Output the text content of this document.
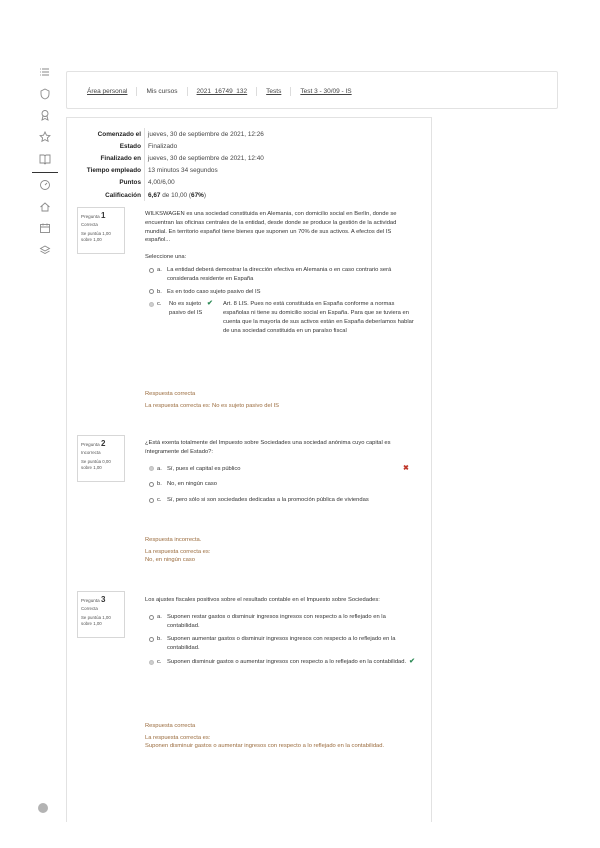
Área personal	Mis cursos	2021_16749_132	Tests	Test 3 - 30/09 - IS
Comenzado el	jueves, 30 de septiembre de 2021, 12:26
Estado	Finalizado
Finalizado en	jueves, 30 de septiembre de 2021, 12:40
Tiempo empleado	13 minutos 34 segundos
Puntos	4,00/6,00
Calificación	6,67 de 10,00 (67%)
Pregunta 1
Correcta
Se puntúa 1,00 sobre 1,00
WILKSWAGEN es una sociedad constituida en Alemania, con domicilio social en Berlín, donde se encuentran las oficinas centrales de la entidad, desde donde se produce la gestión de la actividad mundial. En territorio español tiene bienes que suponen un 70% de sus activos. A efectos del IS español...
Seleccione una:
a. La entidad deberá demostrar la dirección efectiva en Alemania o en caso contrario será considerada residente en España
b. Es en todo caso sujeto pasivo del IS
c.	No es sujeto pasivo del IS
✔	Art. 8 LIS. Pues no está constituida en España conforme a normas españolas ni tiene su domicilio social en España. Para que se tuviera en cuenta que la mayoría de sus activos están en España deberíamos hablar de una sociedad constituida en un paraíso fiscal
Respuesta correcta
La respuesta correcta es: No es sujeto pasivo del IS
Pregunta 2
Incorrecta
Se puntúa 0,00 sobre 1,00
¿Está exenta totalmente del Impuesto sobre Sociedades una sociedad anónima cuyo capital es íntegramente del Estado?:
a. Sí, pues el capital es público	✖
b. No, en ningún caso
c. Sí, pero sólo si son sociedades dedicadas a la promoción pública de viviendas
Respuesta incorrecta.
La respuesta correcta es:
No, en ningún caso
Pregunta 3
Correcta
Se puntúa 1,00 sobre 1,00
Los ajustes fiscales positivos sobre el resultado contable en el Impuesto sobre Sociedades:
a. Suponen restar gastos o disminuir ingresos ingresos con respecto a lo reflejado en la contabilidad.
b. Suponen aumentar gastos o disminuir ingresos ingresos con respecto a lo reflejado en la contabilidad.
c. Suponen disminuir gastos o aumentar ingresos con respecto a lo reflejado en la contabilidad. ✔
Respuesta correcta
La respuesta correcta es:
Suponen disminuir gastos o aumentar ingresos con respecto a lo reflejado en la contabilidad.
